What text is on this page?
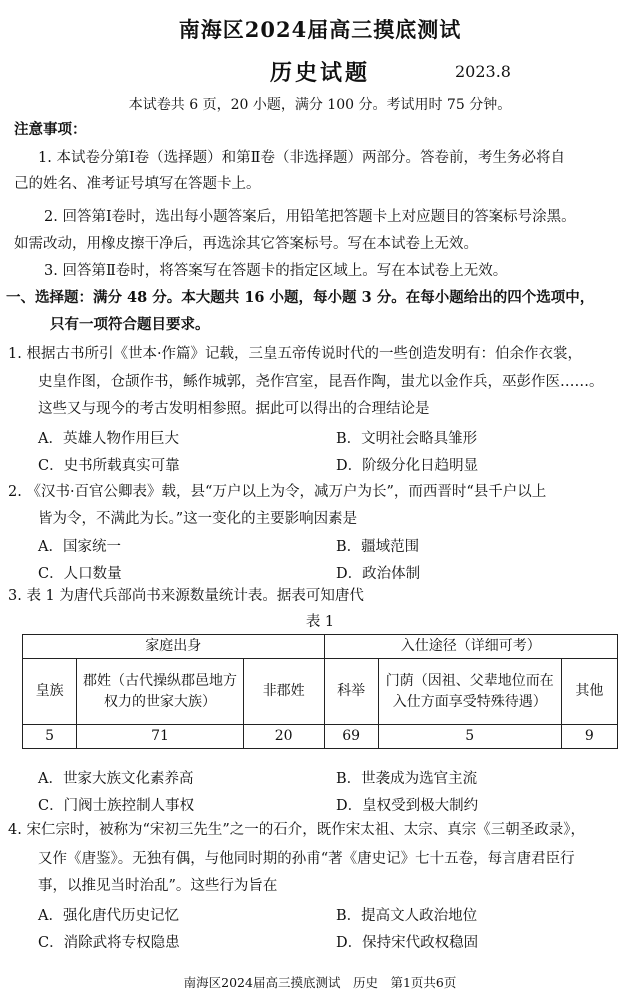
南海区2024届高三摸底测试
历史试题	2023.8
本试卷共 6 页，20 小题，满分 100 分。考试用时 75 分钟。
注意事项：
1. 本试卷分第Ⅰ卷（选择题）和第Ⅱ卷（非选择题）两部分。答卷前，考生务必将自
己的姓名、准考证号填写在答题卡上。
2. 回答第Ⅰ卷时，选出每小题答案后，用铅笔把答题卡上对应题目的答案标号涂黑。
如需改动，用橡皮擦干净后，再选涂其它答案标号。写在本试卷上无效。
3. 回答第Ⅱ卷时，将答案写在答题卡的指定区域上。写在本试卷上无效。
一、选择题：满分 48 分。本大题共 16 小题，每小题 3 分。在每小题给出的四个选项中，
只有一项符合题目要求。
1. 根据古书所引《世本·作篇》记载，三皇五帝传说时代的一些创造发明有：伯余作衣裳，
史皇作图，仓颉作书，鲧作城郭，尧作宫室，昆吾作陶，蚩尤以金作兵，巫彭作医……。
这些又与现今的考古发明相参照。据此可以得出的合理结论是
A．英雄人物作用巨大	B．文明社会略具雏形
C．史书所载真实可靠	D．阶级分化日趋明显
2. 《汉书·百官公卿表》载，县“万户以上为令，减万户为长”，而西晋时“县千户以上
皆为令，不满此为长。”这一变化的主要影响因素是
A．国家统一	B．疆域范围
C．人口数量	D．政治体制
3. 表 1 为唐代兵部尚书来源数量统计表。据表可知唐代
表 1
家庭出身			入仕途径（详细可考）		
皇族	郡姓（古代操纵郡邑地方权力的世家大族）	非郡姓	科举	门荫（因祖、父辈地位而在入仕方面享受特殊待遇）	其他
5	71	20	69	5	9
A．世家大族文化素养高	B．世袭成为选官主流
C．门阀士族控制人事权	D．皇权受到极大制约
4. 宋仁宗时，被称为“宋初三先生”之一的石介，既作宋太祖、太宗、真宗《三朝圣政录》，
又作《唐鉴》。无独有偶，与他同时期的孙甫“著《唐史记》七十五卷，每言唐君臣行
事，以推见当时治乱”。这些行为旨在
A．强化唐代历史记忆	B．提高文人政治地位
C．消除武将专权隐患	D．保持宋代政权稳固
南海区2024届高三摸底测试　历史　第1页共6页
